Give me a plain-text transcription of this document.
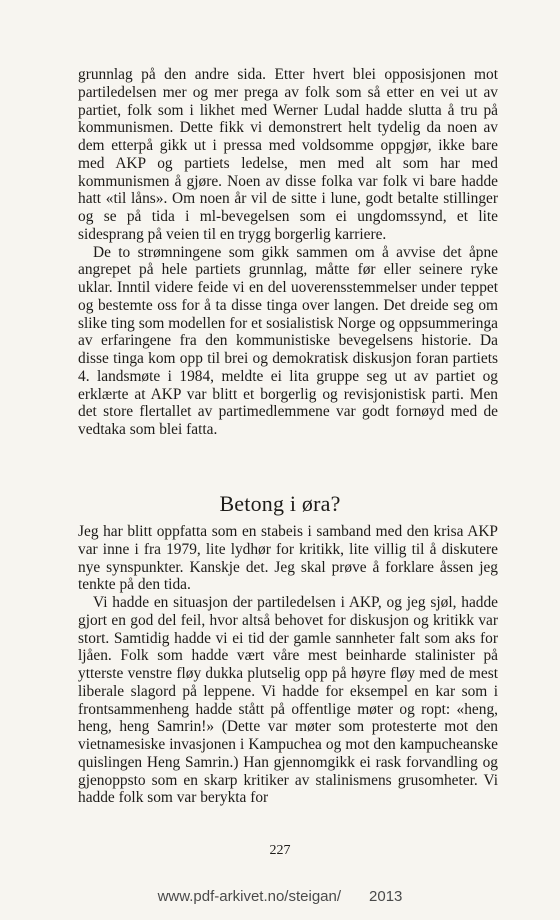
grunnlag på den andre sida. Etter hvert blei opposisjonen mot partiledelsen mer og mer prega av folk som så etter en vei ut av partiet, folk som i likhet med Werner Ludal hadde slutta å tru på kommunismen. Dette fikk vi demonstrert helt tydelig da noen av dem etterpå gikk ut i pressa med voldsomme oppgjør, ikke bare med AKP og partiets ledelse, men med alt som har med kommunismen å gjøre. Noen av disse folka var folk vi bare hadde hatt «til låns». Om noen år vil de sitte i lune, godt betalte stillinger og se på tida i ml-bevegelsen som ei ungdomssynd, et lite sidesprang på veien til en trygg borgerlig karriere.

De to strømningene som gikk sammen om å avvise det åpne angrepet på hele partiets grunnlag, måtte før eller seinere ryke uklar. Inntil videre feide vi en del uoverensstemmelser under teppet og bestemte oss for å ta disse tinga over langen. Det dreide seg om slike ting som modellen for et sosialistisk Norge og oppsummeringa av erfaringene fra den kommunistiske bevegelsens historie. Da disse tinga kom opp til brei og demokratisk diskusjon foran partiets 4. landsmøte i 1984, meldte ei lita gruppe seg ut av partiet og erklærte at AKP var blitt et borgerlig og revisjonistisk parti. Men det store flertallet av partimedlemmene var godt fornøyd med de vedtaka som blei fatta.

Betong i øra?

Jeg har blitt oppfatta som en stabeis i samband med den krisa AKP var inne i fra 1979, lite lydhør for kritikk, lite villig til å diskutere nye synspunkter. Kanskje det. Jeg skal prøve å forklare åssen jeg tenkte på den tida.

Vi hadde en situasjon der partiledelsen i AKP, og jeg sjøl, hadde gjort en god del feil, hvor altså behovet for diskusjon og kritikk var stort. Samtidig hadde vi ei tid der gamle sannheter falt som aks for ljåen. Folk som hadde vært våre mest beinharde stalinister på ytterste venstre fløy dukka plutselig opp på høyre fløy med de mest liberale slagord på leppene. Vi hadde for eksempel en kar som i frontsammenheng hadde stått på offentlige møter og ropt: «heng, heng, heng Samrin!» (Dette var møter som protesterte mot den vietnamesiske invasjonen i Kampuchea og mot den kampucheanske quislingen Heng Samrin.) Han gjennomgikk ei rask forvandling og gjenoppsto som en skarp kritiker av stalinismens grusomheter. Vi hadde folk som var berykta for

227
www.pdf-arkivet.no/steigan/ 2013
